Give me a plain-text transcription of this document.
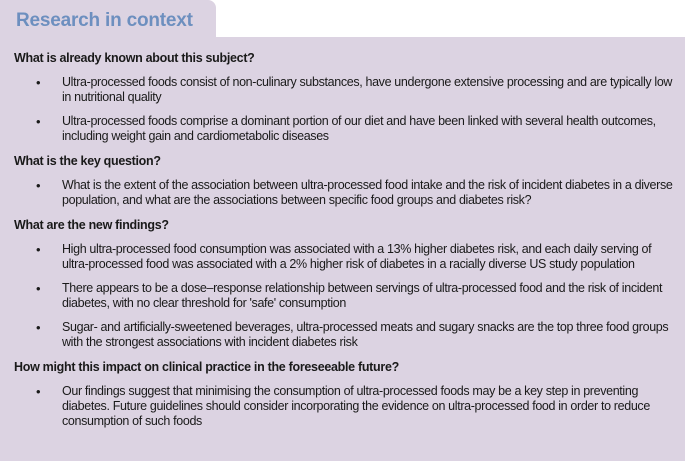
Research in context
What is already known about this subject?
• Ultra-processed foods consist of non-culinary substances, have undergone extensive processing and are typically low in nutritional quality
• Ultra-processed foods comprise a dominant portion of our diet and have been linked with several health outcomes, including weight gain and cardiometabolic diseases
What is the key question?
• What is the extent of the association between ultra-processed food intake and the risk of incident diabetes in a diverse population, and what are the associations between specific food groups and diabetes risk?
What are the new findings?
• High ultra-processed food consumption was associated with a 13% higher diabetes risk, and each daily serving of ultra-processed food was associated with a 2% higher risk of diabetes in a racially diverse US study population
• There appears to be a dose–response relationship between servings of ultra-processed food and the risk of incident diabetes, with no clear threshold for 'safe' consumption
• Sugar- and artificially-sweetened beverages, ultra-processed meats and sugary snacks are the top three food groups with the strongest associations with incident diabetes risk
How might this impact on clinical practice in the foreseeable future?
• Our findings suggest that minimising the consumption of ultra-processed foods may be a key step in preventing diabetes. Future guidelines should consider incorporating the evidence on ultra-processed food in order to reduce consumption of such foods
